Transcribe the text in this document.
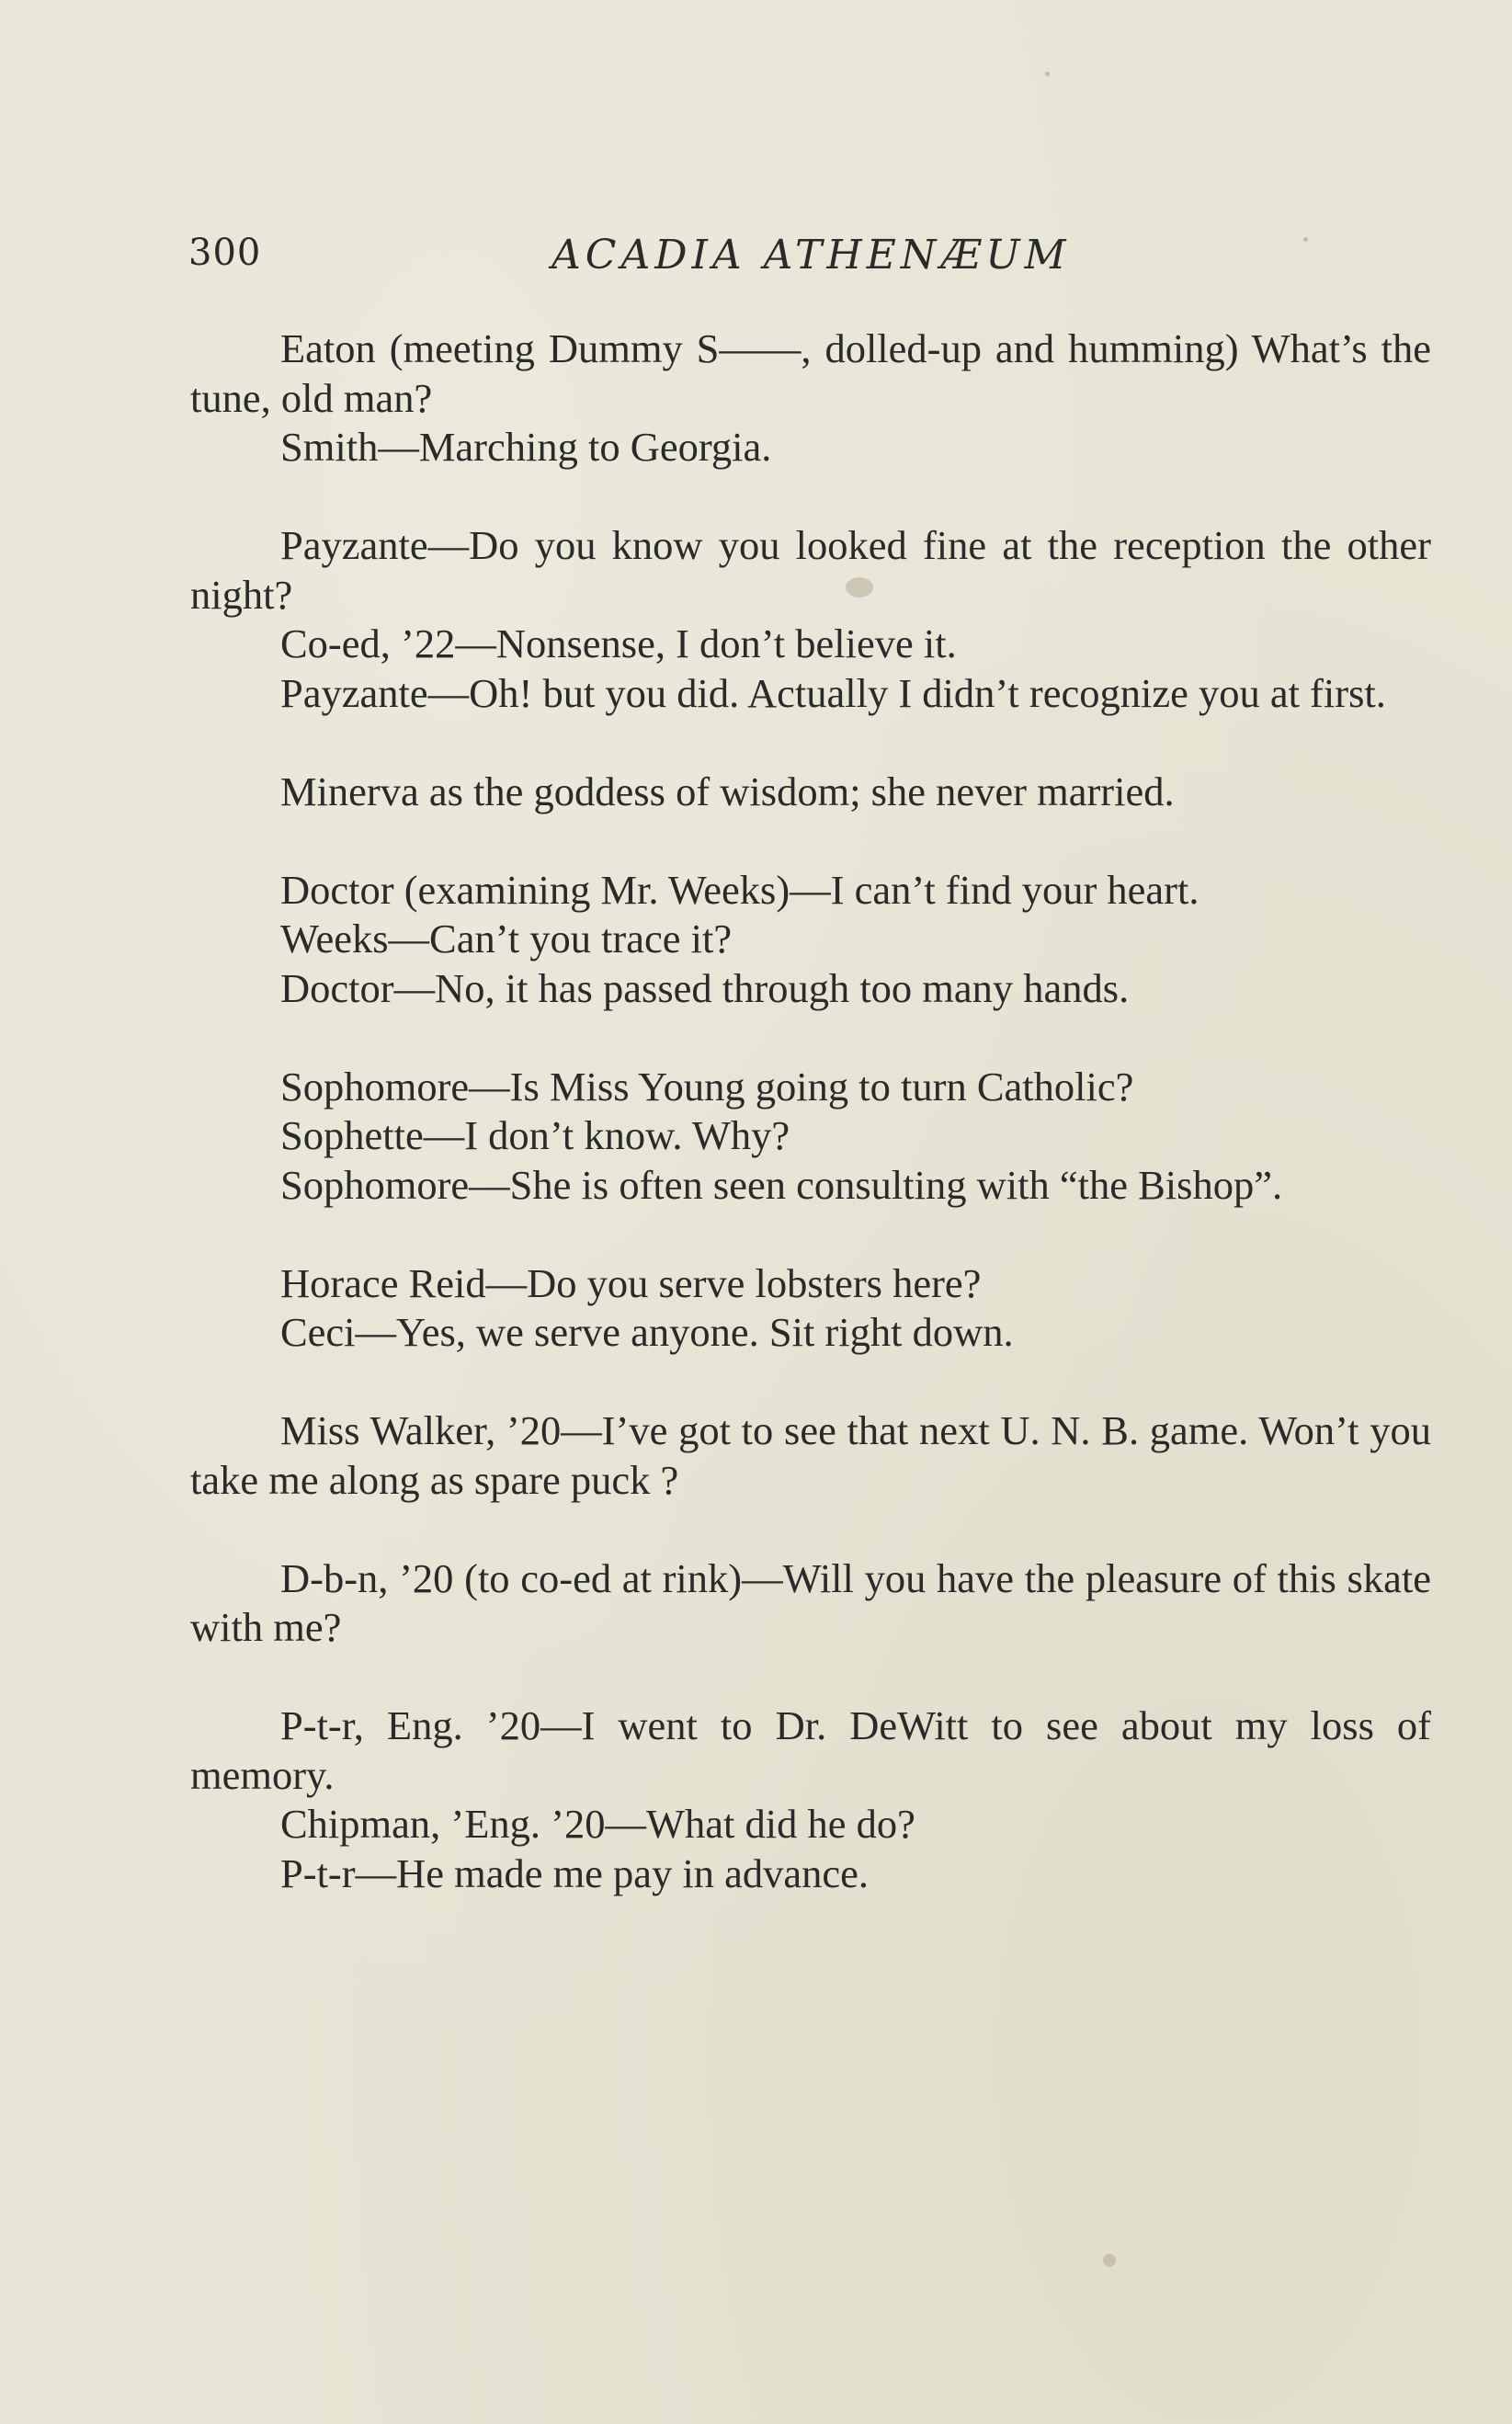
300	ACADIA ATHENÆUM

Eaton (meeting Dummy S——, dolled-up and humming) What’s the tune, old man?

Smith—Marching to Georgia.

Payzante—Do you know you looked fine at the reception the other night?

Co-ed, ’22—Nonsense, I don’t believe it.

Payzante—Oh! but you did. Actually I didn’t recognize you at first.

Minerva as the goddess of wisdom; she never married.

Doctor (examining Mr. Weeks)—I can’t find your heart.

Weeks—Can’t you trace it?

Doctor—No, it has passed through too many hands.

Sophomore—Is Miss Young going to turn Catholic?

Sophette—I don’t know. Why?

Sophomore—She is often seen consulting with “the Bishop”.

Horace Reid—Do you serve lobsters here?

Ceci—Yes, we serve anyone. Sit right down.

Miss Walker, ’20—I’ve got to see that next U. N. B. game. Won’t you take me along as spare puck ?

D-b-n, ’20 (to co-ed at rink)—Will you have the pleasure of this skate with me?

P-t-r, Eng. ’20—I went to Dr. DeWitt to see about my loss of memory.

Chipman, ’Eng. ’20—What did he do?

P-t-r—He made me pay in advance.
